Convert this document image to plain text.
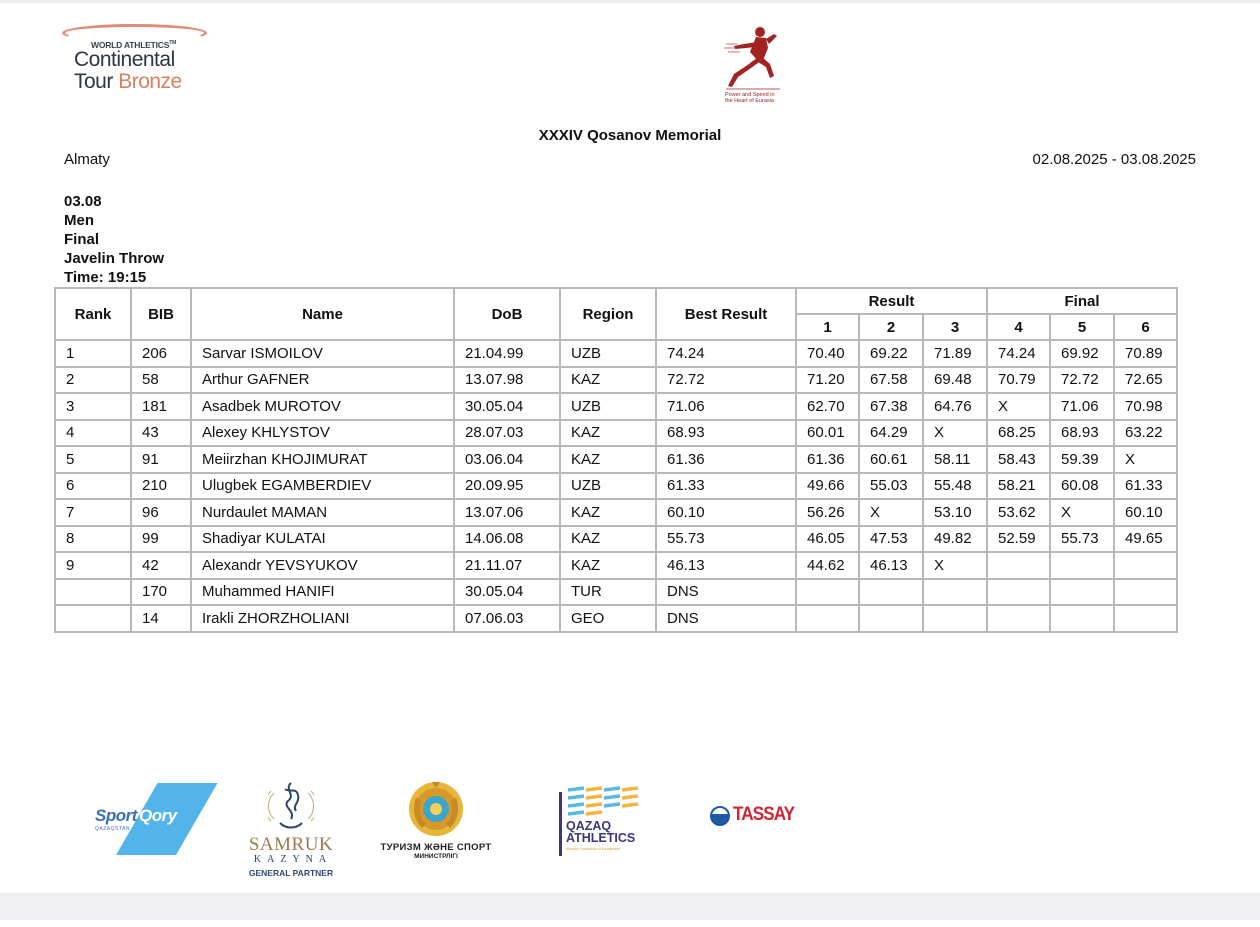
WORLD ATHLETICS™
Continental
Tour Bronze
Power and Speed in
the Heart of Eurasia
XXXIV Qosanov Memorial
Almaty	02.08.2025 - 03.08.2025
03.08
Men
Final
Javelin Throw
Time: 19:15
Rank	BIB	Name	DoB	Region	Best Result	Result			Final		
						1	2	3	4	5	6
1	206	Sarvar ISMOILOV	21.04.99	UZB	74.24	70.40	69.22	71.89	74.24	69.92	70.89
2	58	Arthur GAFNER	13.07.98	KAZ	72.72	71.20	67.58	69.48	70.79	72.72	72.65
3	181	Asadbek MUROTOV	30.05.04	UZB	71.06	62.70	67.38	64.76	X	71.06	70.98
4	43	Alexey KHLYSTOV	28.07.03	KAZ	68.93	60.01	64.29	X	68.25	68.93	63.22
5	91	Meiirzhan KHOJIMURAT	03.06.04	KAZ	61.36	61.36	60.61	58.11	58.43	59.39	X
6	210	Ulugbek EGAMBERDIEV	20.09.95	UZB	61.33	49.66	55.03	55.48	58.21	60.08	61.33
7	96	Nurdaulet MAMAN	13.07.06	KAZ	60.10	56.26	X	53.10	53.62	X	60.10
8	99	Shadiyar KULATAI	14.06.08	KAZ	55.73	46.05	47.53	49.82	52.59	55.73	49.65
9	42	Alexandr YEVSYUKOV	21.11.07	KAZ	46.13	44.62	46.13	X			
	170	Muhammed HANIFI	30.05.04	TUR	DNS						
	14	Irakli ZHORZHOLIANI	07.06.03	GEO	DNS						
Sport Qory
QAZAQSTAN
SAMRUK
KAZYNA
GENERAL PARTNER
ТУРИЗМ ЖӘНЕ СПОРТ
МИНИСТРЛІГІ
QAZAQ
ATHLETICS
Athletics Federation of Kazakhstan
TASSAY
